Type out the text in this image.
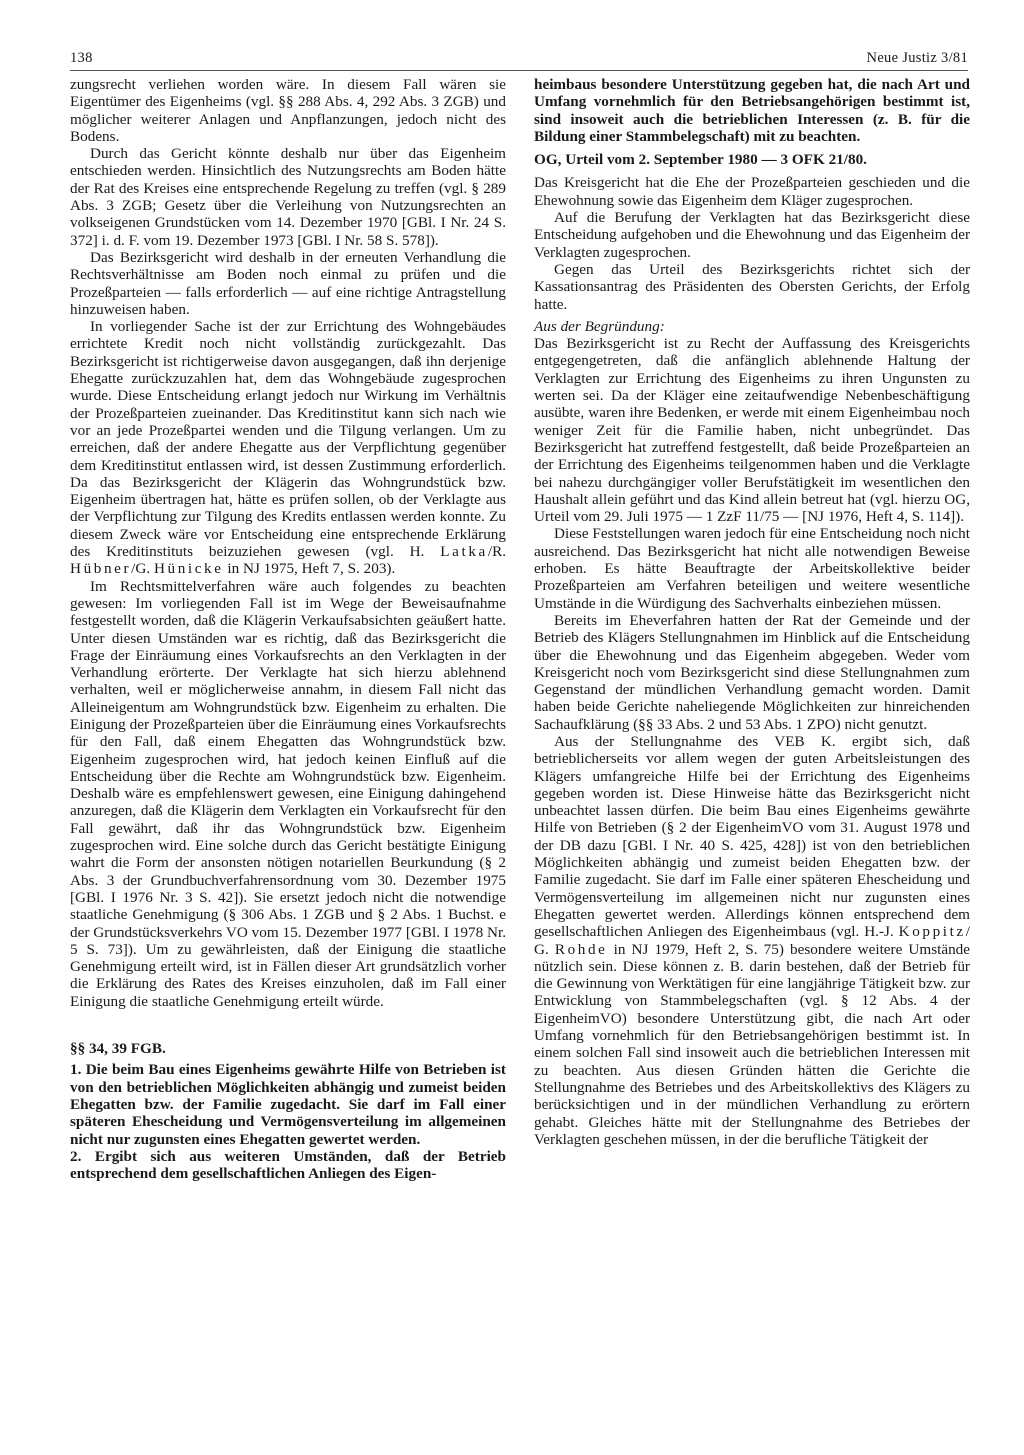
138	Neue Justiz 3/81

zungsrecht verliehen worden wäre. In diesem Fall wären sie Eigentümer des Eigenheims (vgl. §§ 288 Abs. 4, 292 Abs. 3 ZGB) und möglicher weiterer Anlagen und Anpflanzungen, jedoch nicht des Bodens.

Durch das Gericht könnte deshalb nur über das Eigenheim entschieden werden. Hinsichtlich des Nutzungsrechts am Boden hätte der Rat des Kreises eine entsprechende Regelung zu treffen (vgl. § 289 Abs. 3 ZGB; Gesetz über die Verleihung von Nutzungsrechten an volkseigenen Grundstücken vom 14. Dezember 1970 [GBl. I Nr. 24 S. 372] i. d. F. vom 19. Dezember 1973 [GBl. I Nr. 58 S. 578]).

Das Bezirksgericht wird deshalb in der erneuten Verhandlung die Rechtsverhältnisse am Boden noch einmal zu prüfen und die Prozeßparteien — falls erforderlich — auf eine richtige Antragstellung hinzuweisen haben.

In vorliegender Sache ist der zur Errichtung des Wohngebäudes errichtete Kredit noch nicht vollständig zurückgezahlt. Das Bezirksgericht ist richtigerweise davon ausgegangen, daß ihn derjenige Ehegatte zurückzuzahlen hat, dem das Wohngebäude zugesprochen wurde. Diese Entscheidung erlangt jedoch nur Wirkung im Verhältnis der Prozeßparteien zueinander. Das Kreditinstitut kann sich nach wie vor an jede Prozeßpartei wenden und die Tilgung verlangen. Um zu erreichen, daß der andere Ehegatte aus der Verpflichtung gegenüber dem Kreditinstitut entlassen wird, ist dessen Zustimmung erforderlich. Da das Bezirksgericht der Klägerin das Wohngrundstück bzw. Eigenheim übertragen hat, hätte es prüfen sollen, ob der Verklagte aus der Verpflichtung zur Tilgung des Kredits entlassen werden konnte. Zu diesem Zweck wäre vor Entscheidung eine entsprechende Erklärung des Kreditinstituts beizuziehen gewesen (vgl. H. Latka/R. Hübner/G. Hünicke in NJ 1975, Heft 7, S. 203).

Im Rechtsmittelverfahren wäre auch folgendes zu beachten gewesen: Im vorliegenden Fall ist im Wege der Beweisaufnahme festgestellt worden, daß die Klägerin Verkaufsabsichten geäußert hatte. Unter diesen Umständen war es richtig, daß das Bezirksgericht die Frage der Einräumung eines Vorkaufsrechts an den Verklagten in der Verhandlung erörterte. Der Verklagte hat sich hierzu ablehnend verhalten, weil er möglicherweise annahm, in diesem Fall nicht das Alleineigentum am Wohngrundstück bzw. Eigenheim zu erhalten. Die Einigung der Prozeßparteien über die Einräumung eines Vorkaufsrechts für den Fall, daß einem Ehegatten das Wohngrundstück bzw. Eigenheim zugesprochen wird, hat jedoch keinen Einfluß auf die Entscheidung über die Rechte am Wohngrundstück bzw. Eigenheim. Deshalb wäre es empfehlenswert gewesen, eine Einigung dahingehend anzuregen, daß die Klägerin dem Verklagten ein Vorkaufsrecht für den Fall gewährt, daß ihr das Wohngrundstück bzw. Eigenheim zugesprochen wird. Eine solche durch das Gericht bestätigte Einigung wahrt die Form der ansonsten nötigen notariellen Beurkundung (§ 2 Abs. 3 der Grundbuchverfahrensordnung vom 30. Dezember 1975 [GBl. I 1976 Nr. 3 S. 42]). Sie ersetzt jedoch nicht die notwendige staatliche Genehmigung (§ 306 Abs. 1 ZGB und § 2 Abs. 1 Buchst. e der Grundstücksverkehrs VO vom 15. Dezember 1977 [GBl. I 1978 Nr. 5 S. 73]). Um zu gewährleisten, daß der Einigung die staatliche Genehmigung erteilt wird, ist in Fällen dieser Art grundsätzlich vorher die Erklärung des Rates des Kreises einzuholen, daß im Fall einer Einigung die staatliche Genehmigung erteilt würde.

§§ 34, 39 FGB.

1. Die beim Bau eines Eigenheims gewährte Hilfe von Betrieben ist von den betrieblichen Möglichkeiten abhängig und zumeist beiden Ehegatten bzw. der Familie zugedacht. Sie darf im Fall einer späteren Ehescheidung und Vermögensverteilung im allgemeinen nicht nur zugunsten eines Ehegatten gewertet werden.

2. Ergibt sich aus weiteren Umständen, daß der Betrieb entsprechend dem gesellschaftlichen Anliegen des Eigen-

heimbaus besondere Unterstützung gegeben hat, die nach Art und Umfang vornehmlich für den Betriebsangehörigen bestimmt ist, sind insoweit auch die betrieblichen Interessen (z. B. für die Bildung einer Stammbelegschaft) mit zu beachten.

OG, Urteil vom 2. September 1980 — 3 OFK 21/80.

Das Kreisgericht hat die Ehe der Prozeßparteien geschieden und die Ehewohnung sowie das Eigenheim dem Kläger zugesprochen.

Auf die Berufung der Verklagten hat das Bezirksgericht diese Entscheidung aufgehoben und die Ehewohnung und das Eigenheim der Verklagten zugesprochen.

Gegen das Urteil des Bezirksgerichts richtet sich der Kassationsantrag des Präsidenten des Obersten Gerichts, der Erfolg hatte.

Aus der Begründung:

Das Bezirksgericht ist zu Recht der Auffassung des Kreisgerichts entgegengetreten, daß die anfänglich ablehnende Haltung der Verklagten zur Errichtung des Eigenheims zu ihren Ungunsten zu werten sei. Da der Kläger eine zeitaufwendige Nebenbeschäftigung ausübte, waren ihre Bedenken, er werde mit einem Eigenheimbau noch weniger Zeit für die Familie haben, nicht unbegründet. Das Bezirksgericht hat zutreffend festgestellt, daß beide Prozeßparteien an der Errichtung des Eigenheims teilgenommen haben und die Verklagte bei nahezu durchgängiger voller Berufstätigkeit im wesentlichen den Haushalt allein geführt und das Kind allein betreut hat (vgl. hierzu OG, Urteil vom 29. Juli 1975 — 1 ZzF 11/75 — [NJ 1976, Heft 4, S. 114]).

Diese Feststellungen waren jedoch für eine Entscheidung noch nicht ausreichend. Das Bezirksgericht hat nicht alle notwendigen Beweise erhoben. Es hätte Beauftragte der Arbeitskollektive beider Prozeßparteien am Verfahren beteiligen und weitere wesentliche Umstände in die Würdigung des Sachverhalts einbeziehen müssen.

Bereits im Eheverfahren hatten der Rat der Gemeinde und der Betrieb des Klägers Stellungnahmen im Hinblick auf die Entscheidung über die Ehewohnung und das Eigenheim abgegeben. Weder vom Kreisgericht noch vom Bezirksgericht sind diese Stellungnahmen zum Gegenstand der mündlichen Verhandlung gemacht worden. Damit haben beide Gerichte naheliegende Möglichkeiten zur hinreichenden Sachaufklärung (§§ 33 Abs. 2 und 53 Abs. 1 ZPO) nicht genutzt.

Aus der Stellungnahme des VEB K. ergibt sich, daß betrieblicherseits vor allem wegen der guten Arbeitsleistungen des Klägers umfangreiche Hilfe bei der Errichtung des Eigenheims gegeben worden ist. Diese Hinweise hätte das Bezirksgericht nicht unbeachtet lassen dürfen. Die beim Bau eines Eigenheims gewährte Hilfe von Betrieben (§ 2 der EigenheimVO vom 31. August 1978 und der DB dazu [GBl. I Nr. 40 S. 425, 428]) ist von den betrieblichen Möglichkeiten abhängig und zumeist beiden Ehegatten bzw. der Familie zugedacht. Sie darf im Falle einer späteren Ehescheidung und Vermögensverteilung im allgemeinen nicht nur zugunsten eines Ehegatten gewertet werden. Allerdings können entsprechend dem gesellschaftlichen Anliegen des Eigenheimbaus (vgl. H.-J. Koppitz/ G. Rohde in NJ 1979, Heft 2, S. 75) besondere weitere Umstände nützlich sein. Diese können z. B. darin bestehen, daß der Betrieb für die Gewinnung von Werktätigen für eine langjährige Tätigkeit bzw. zur Entwicklung von Stammbelegschaften (vgl. § 12 Abs. 4 der EigenheimVO) besondere Unterstützung gibt, die nach Art oder Umfang vornehmlich für den Betriebsangehörigen bestimmt ist. In einem solchen Fall sind insoweit auch die betrieblichen Interessen mit zu beachten. Aus diesen Gründen hätten die Gerichte die Stellungnahme des Betriebes und des Arbeitskollektivs des Klägers zu berücksichtigen und in der mündlichen Verhandlung zu erörtern gehabt. Gleiches hätte mit der Stellungnahme des Betriebes der Verklagten geschehen müssen, in der die berufliche Tätigkeit der
